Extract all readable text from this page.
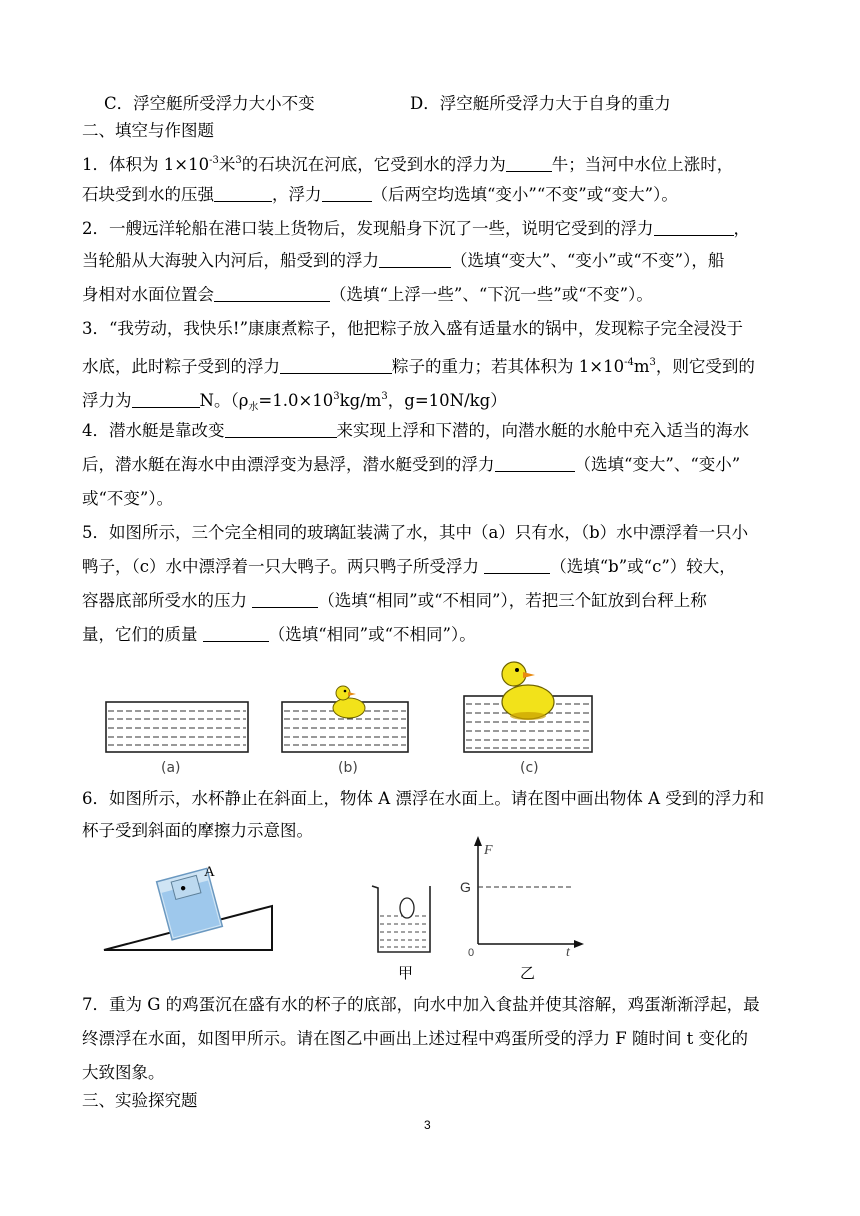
C．浮空艇所受浮力大小不变	D．浮空艇所受浮力大于自身的重力
二、填空与作图题
1．体积为 $1\times 10^{-3}$米$^3$的石块沉在河底，它受到水的浮力为	牛；当河中水位上涨时，
石块受到水的压强	，浮力	（后两空均选填“变小”“不变”或“变大”）。
2．一艘远洋轮船在港口装上货物后，发现船身下沉了一些，说明它受到的浮力	，
当轮船从大海驶入内河后，船受到的浮力	（选填“变大”、“变小”或“不变”），船
身相对水面位置会	（选填“上浮一些”、“下沉一些”或“不变”）。
3．“我劳动，我快乐!”康康煮粽子，他把粽子放入盛有适量水的锅中，发现粽子完全浸没于
水底，此时粽子受到的浮力	粽子的重力；若其体积为 $1\times 10^{-4}m^3$，则它受到的
浮力为	N。（$\rho_水=1.0\times 10^3kg/m^3$，g=10N/kg）
4．潜水艇是靠改变	来实现上浮和下潜的，向潜水艇的水舱中充入适当的海水
后，潜水艇在海水中由漂浮变为悬浮，潜水艇受到的浮力	（选填“变大”、“变小”
或“不变”）。
5．如图所示，三个完全相同的玻璃缸装满了水，其中（a）只有水，（b）水中漂浮着一只小
鸭子，（c）水中漂浮着一只大鸭子。两只鸭子所受浮力	（选填“b”或“c”）较大，
容器底部所受水的压力	（选填“相同”或“不相同”），若把三个缸放到台秤上称
量，它们的质量	（选填“相同”或“不相同”）。
(a)	(b)	(c)
6．如图所示，水杯静止在斜面上，物体 A 漂浮在水面上。请在图中画出物体 A 受到的浮力和
杯子受到斜面的摩擦力示意图。
A
甲
F
G
0	t
乙
7．重为 G 的鸡蛋沉在盛有水的杯子的底部，向水中加入食盐并使其溶解，鸡蛋渐渐浮起，最
终漂浮在水面，如图甲所示。请在图乙中画出上述过程中鸡蛋所受的浮力 F 随时间 t 变化的
大致图象。
三、实验探究题
3
